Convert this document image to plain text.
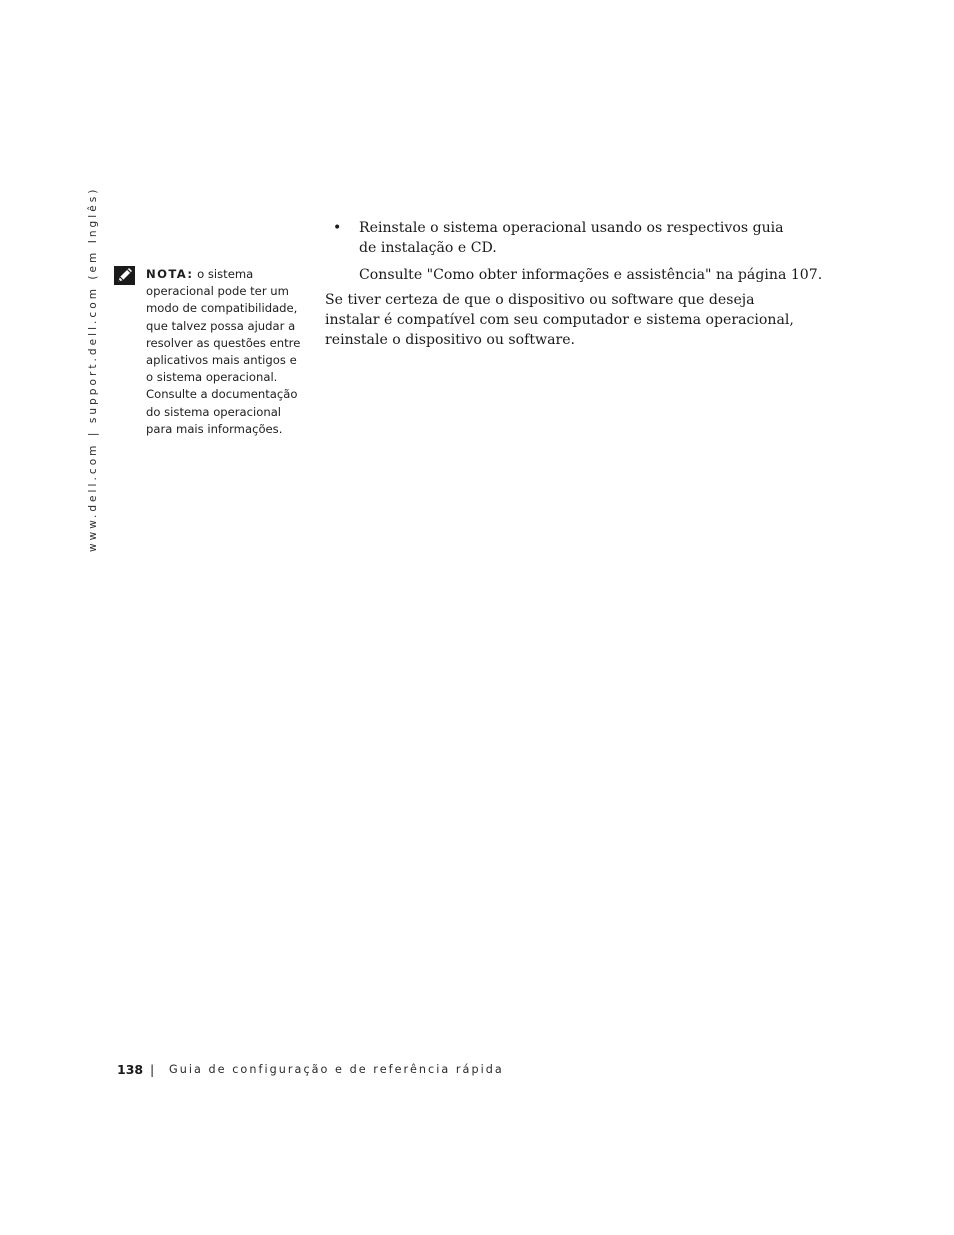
www.dell.com | support.dell.com (em Inglês)	NOTA: o sistema operacional pode ter um modo de compatibilidade, que talvez possa ajudar a resolver as questões entre aplicativos mais antigos e o sistema operacional. Consulte a documentação do sistema operacional para mais informações.
• Reinstale o sistema operacional usando os respectivos guia de instalação e CD.
Consulte "Como obter informações e assistência" na página 107.
Se tiver certeza de que o dispositivo ou software que deseja instalar é compatível com seu computador e sistema operacional, reinstale o dispositivo ou software.
138 | Guia de configuração e de referência rápida
